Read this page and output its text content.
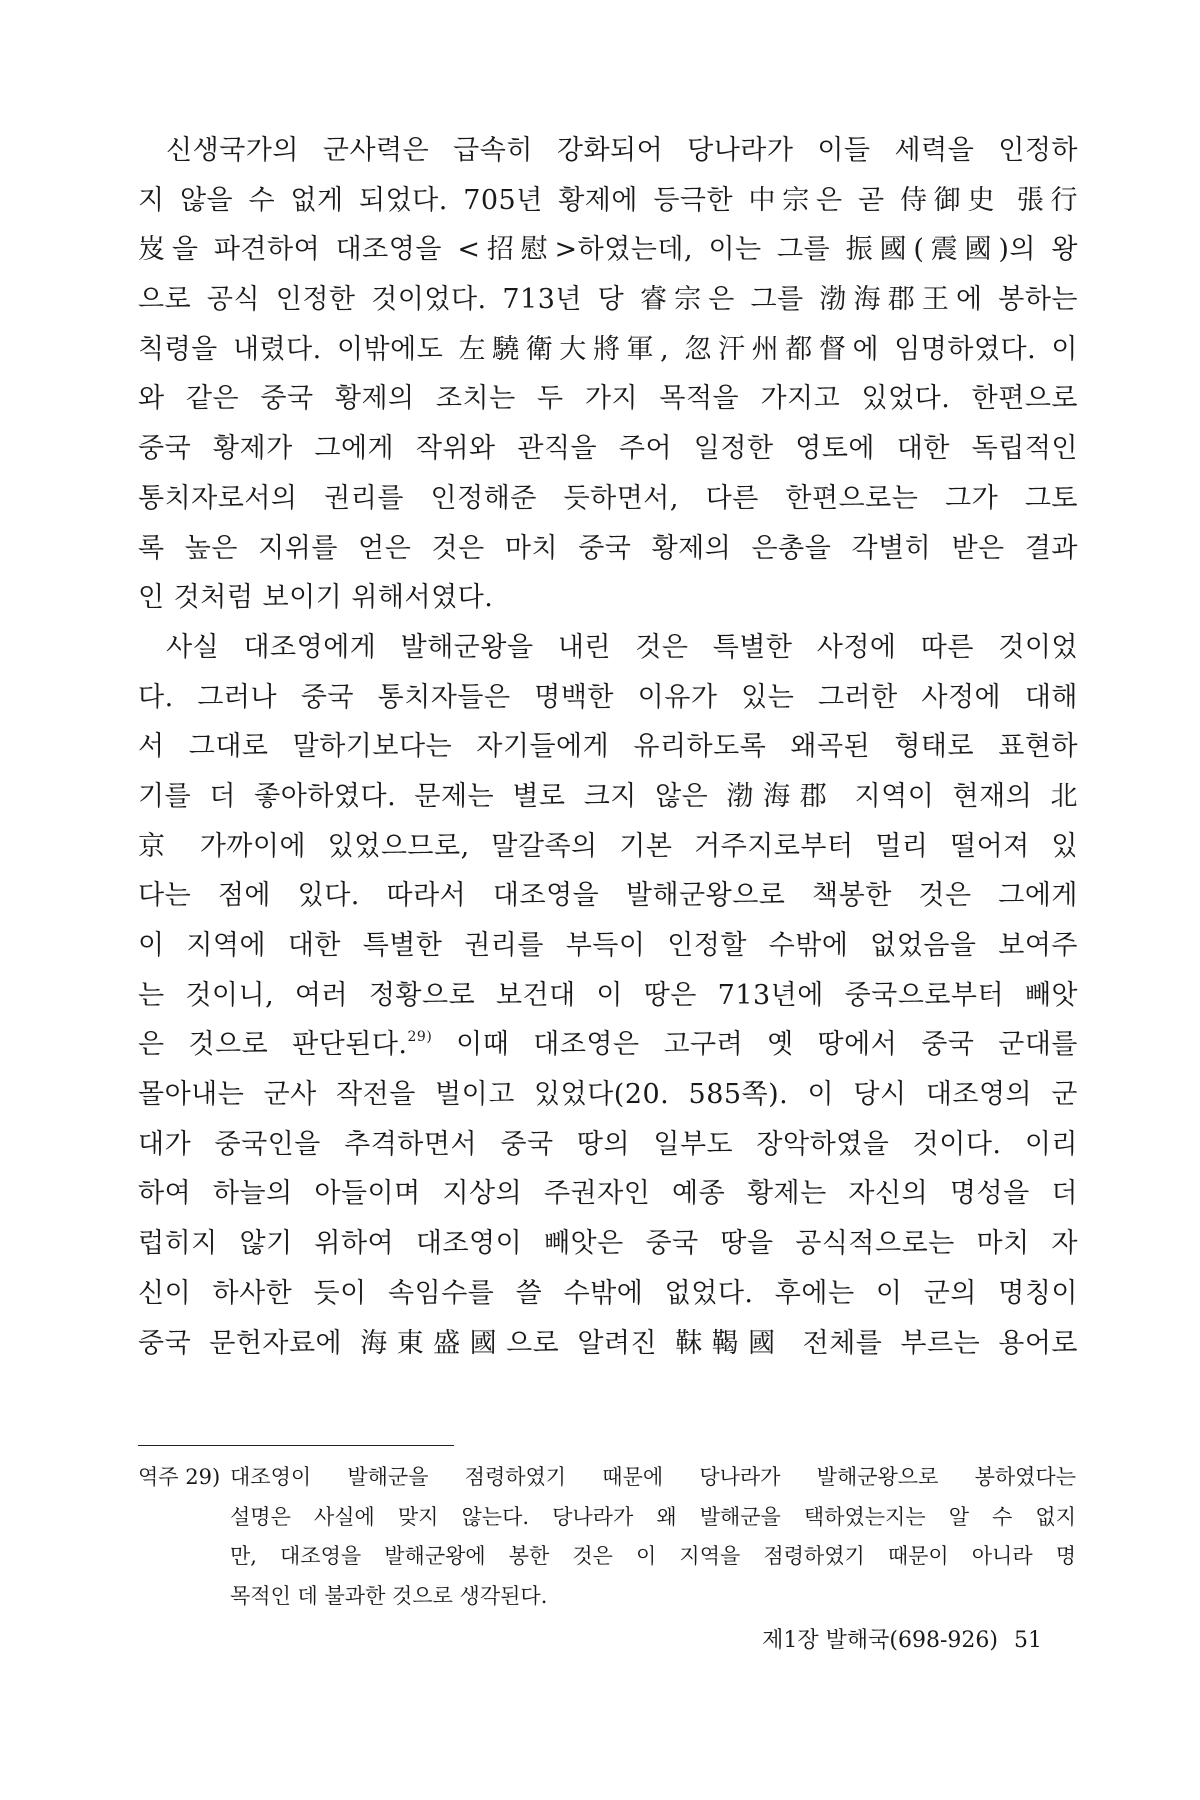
신생국가의 군사력은 급속히 강화되어 당나라가 이들 세력을 인정하
지 않을 수 없게 되었다. 705년 황제에 등극한 中宗은 곧 侍御史 張行
岌을 파견하여 대조영을 <招慰>하였는데, 이는 그를 振國(震國)의 왕
으로 공식 인정한 것이었다. 713년 당 睿宗은 그를 渤海郡王에 봉하는
칙령을 내렸다. 이밖에도 左驍衛大將軍, 忽汗州都督에 임명하였다. 이
와 같은 중국 황제의 조치는 두 가지 목적을 가지고 있었다. 한편으로
중국 황제가 그에게 작위와 관직을 주어 일정한 영토에 대한 독립적인
통치자로서의 권리를 인정해준 듯하면서, 다른 한편으로는 그가 그토
록 높은 지위를 얻은 것은 마치 중국 황제의 은총을 각별히 받은 결과
인 것처럼 보이기 위해서였다.
사실 대조영에게 발해군왕을 내린 것은 특별한 사정에 따른 것이었
다. 그러나 중국 통치자들은 명백한 이유가 있는 그러한 사정에 대해
서 그대로 말하기보다는 자기들에게 유리하도록 왜곡된 형태로 표현하
기를 더 좋아하였다. 문제는 별로 크지 않은 渤海郡 지역이 현재의 北
京 가까이에 있었으므로, 말갈족의 기본 거주지로부터 멀리 떨어져 있
다는 점에 있다. 따라서 대조영을 발해군왕으로 책봉한 것은 그에게
이 지역에 대한 특별한 권리를 부득이 인정할 수밖에 없었음을 보여주
는 것이니, 여러 정황으로 보건대 이 땅은 713년에 중국으로부터 빼앗
은 것으로 판단된다.$^{29)}$ 이때 대조영은 고구려 옛 땅에서 중국 군대를
몰아내는 군사 작전을 벌이고 있었다(20. 585쪽). 이 당시 대조영의 군
대가 중국인을 추격하면서 중국 땅의 일부도 장악하였을 것이다. 이리
하여 하늘의 아들이며 지상의 주권자인 예종 황제는 자신의 명성을 더
럽히지 않기 위하여 대조영이 빼앗은 중국 땅을 공식적으로는 마치 자
신이 하사한 듯이 속임수를 쓸 수밖에 없었다. 후에는 이 군의 명칭이
중국 문헌자료에 海東盛國으로 알려진 靺鞨國 전체를 부르는 용어로
역주 29) 대조영이 발해군을 점령하였기 때문에 당나라가 발해군왕으로 봉하였다는
설명은 사실에 맞지 않는다. 당나라가 왜 발해군을 택하였는지는 알 수 없지
만, 대조영을 발해군왕에 봉한 것은 이 지역을 점령하였기 때문이 아니라 명
목적인 데 불과한 것으로 생각된다.
제1장 발해국(698-926) 51
